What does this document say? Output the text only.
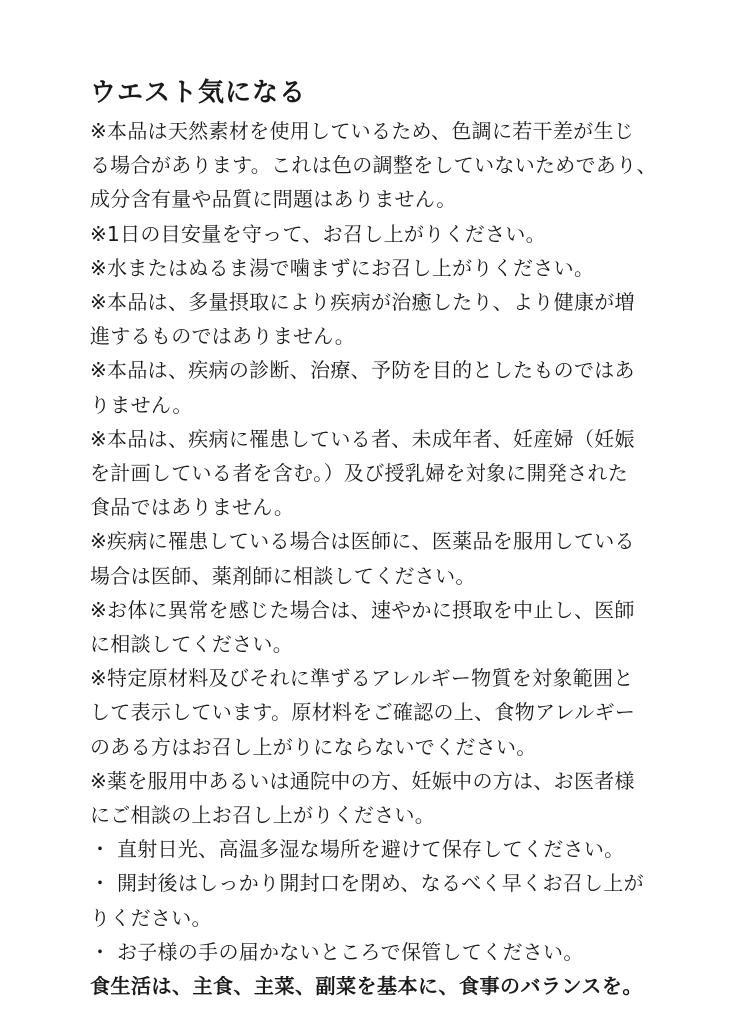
ウエスト気になる
※本品は天然素材を使用しているため、色調に若干差が生じ
る場合があります。これは色の調整をしていないためであり、
成分含有量や品質に問題はありません。
※1日の目安量を守って、お召し上がりください。
※水またはぬるま湯で噛まずにお召し上がりください。
※本品は、多量摂取により疾病が治癒したり、より健康が増
進するものではありません。
※本品は、疾病の診断、治療、予防を目的としたものではあ
りません。
※本品は、疾病に罹患している者、未成年者、妊産婦（妊娠
を計画している者を含む。）及び授乳婦を対象に開発された
食品ではありません。
※疾病に罹患している場合は医師に、医薬品を服用している
場合は医師、薬剤師に相談してください。
※お体に異常を感じた場合は、速やかに摂取を中止し、医師
に相談してください。
※特定原材料及びそれに準ずるアレルギー物質を対象範囲と
して表示しています。原材料をご確認の上、食物アレルギー
のある方はお召し上がりにならないでください。
※薬を服用中あるいは通院中の方、妊娠中の方は、お医者様
にご相談の上お召し上がりください。
・ 直射日光、高温多湿な場所を避けて保存してください。
・ 開封後はしっかり開封口を閉め、なるべく早くお召し上が
りください。
・ お子様の手の届かないところで保管してください。

食生活は、主食、主菜、副菜を基本に、食事のバランスを。
